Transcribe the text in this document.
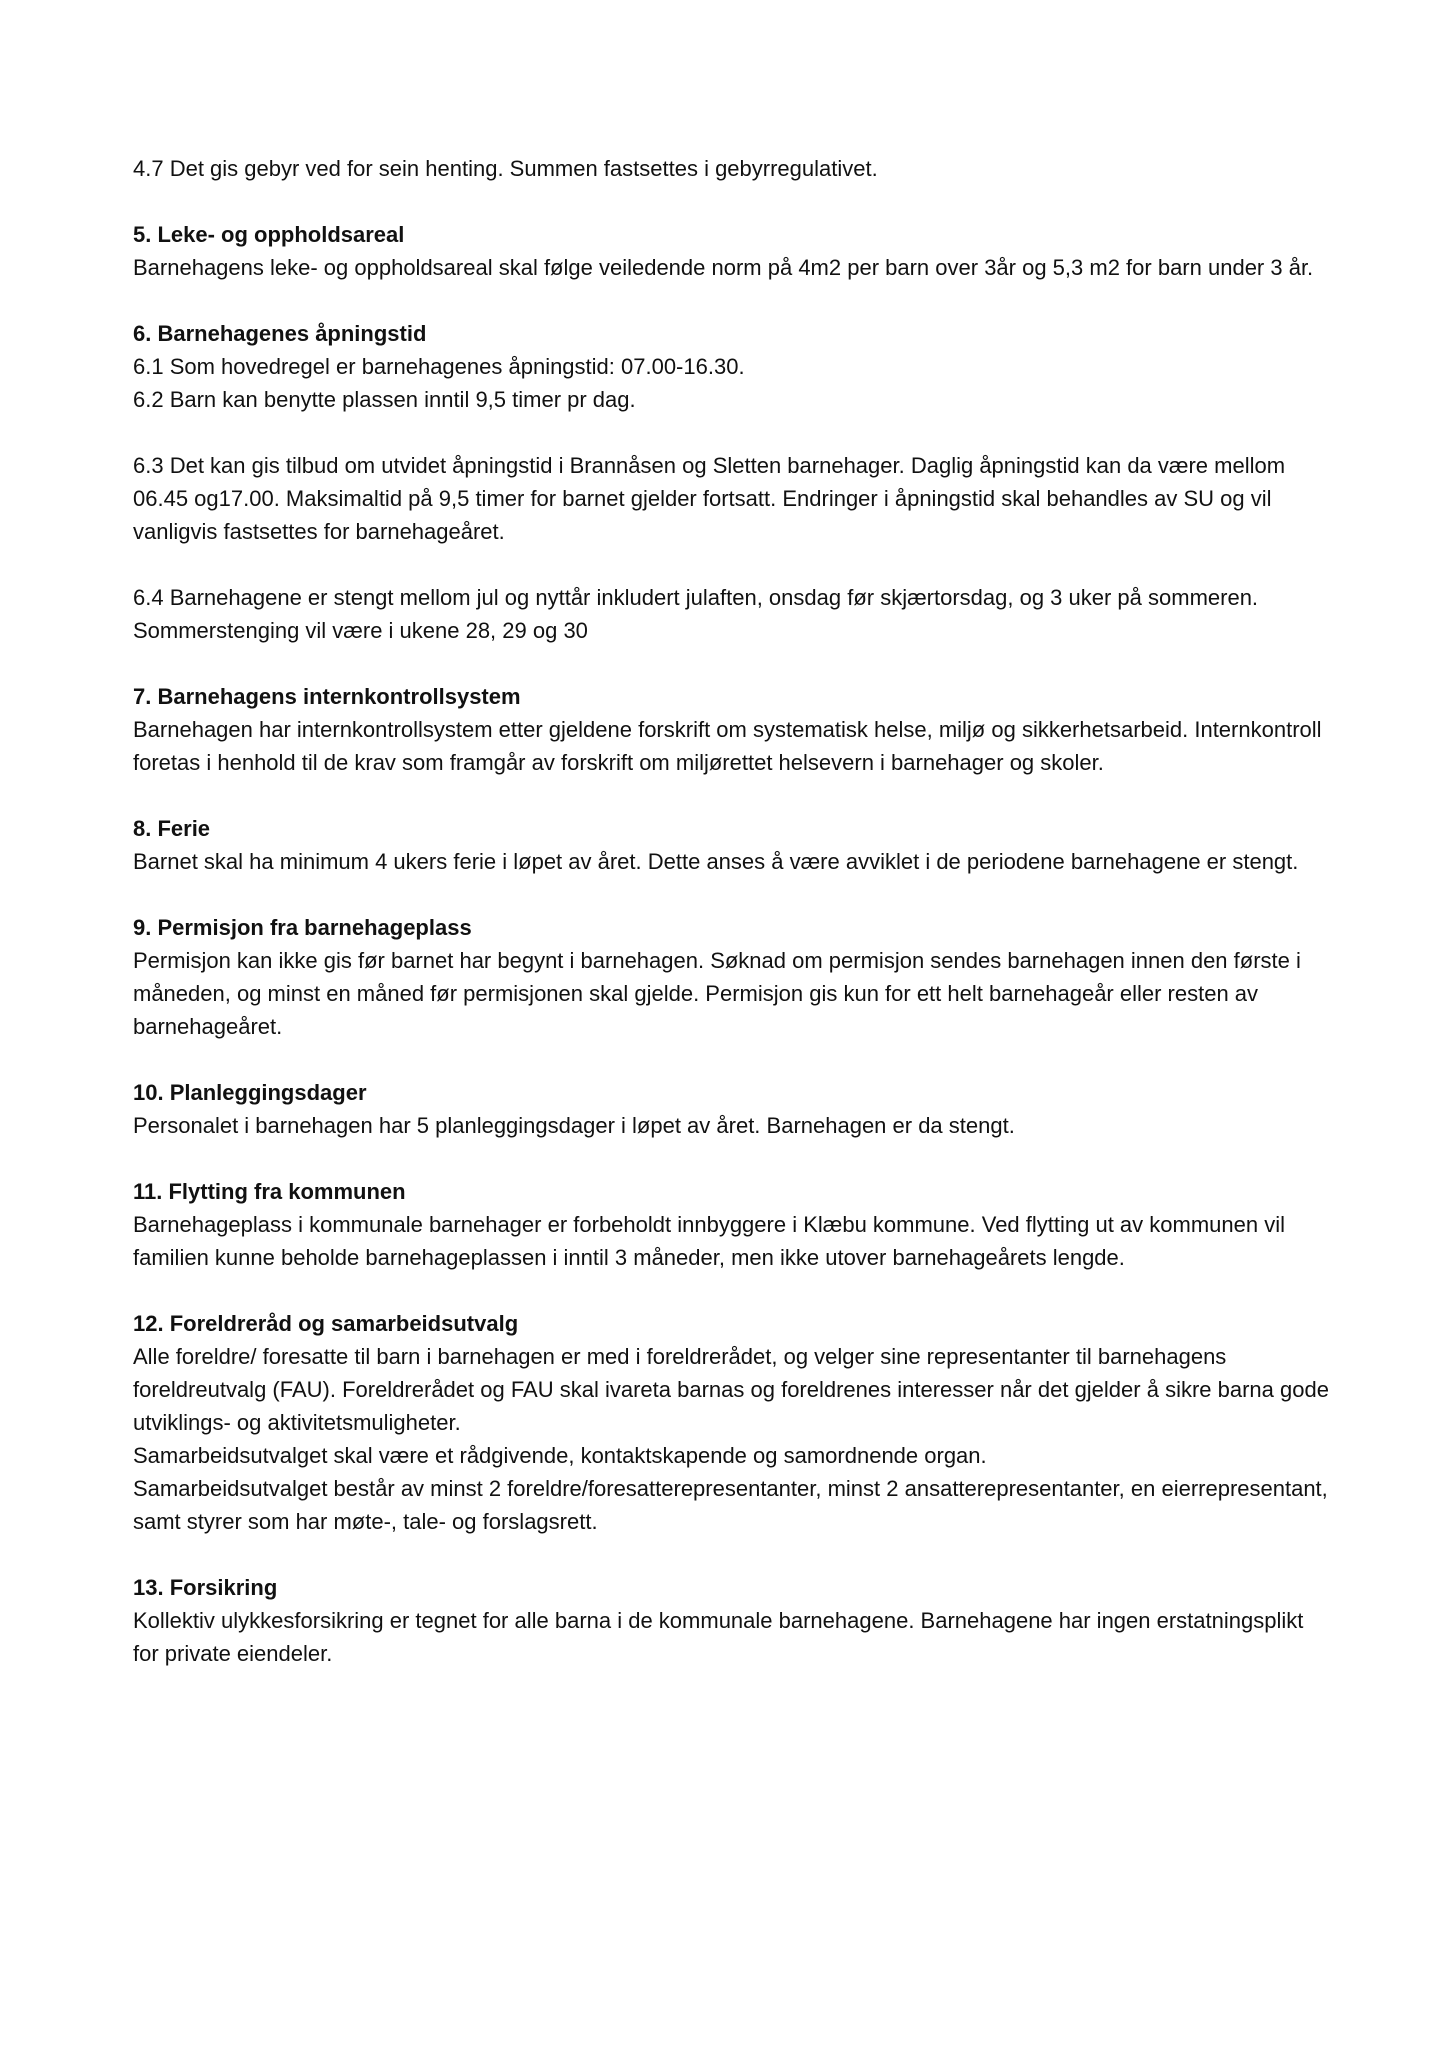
4.7 Det gis gebyr ved for sein henting. Summen fastsettes i gebyrregulativet.

5. Leke- og oppholdsareal

Barnehagens leke- og oppholdsareal skal følge veiledende norm på 4m2 per barn over 3år og 5,3 m2 for barn under 3 år.

6. Barnehagenes åpningstid

6.1 Som hovedregel er barnehagenes åpningstid: 07.00-16.30.

6.2 Barn kan benytte plassen inntil 9,5 timer pr dag.

6.3 Det kan gis tilbud om utvidet åpningstid i Brannåsen og Sletten barnehager. Daglig åpningstid kan da være mellom 06.45 og17.00. Maksimaltid på 9,5 timer for barnet gjelder fortsatt. Endringer i åpningstid skal behandles av SU og vil vanligvis fastsettes for barnehageåret.

6.4 Barnehagene er stengt mellom jul og nyttår inkludert julaften, onsdag før skjærtorsdag, og 3 uker på sommeren. Sommerstenging vil være i ukene 28, 29 og 30

7. Barnehagens internkontrollsystem

Barnehagen har internkontrollsystem etter gjeldene forskrift om systematisk helse, miljø og sikkerhetsarbeid. Internkontroll foretas i henhold til de krav som framgår av forskrift om miljørettet helsevern i barnehager og skoler.

8. Ferie

Barnet skal ha minimum 4 ukers ferie i løpet av året. Dette anses å være avviklet i de periodene barnehagene er stengt.

9. Permisjon fra barnehageplass

Permisjon kan ikke gis før barnet har begynt i barnehagen. Søknad om permisjon sendes barnehagen innen den første i måneden, og minst en måned før permisjonen skal gjelde. Permisjon gis kun for ett helt barnehageår eller resten av barnehageåret.

10. Planleggingsdager

Personalet i barnehagen har 5 planleggingsdager i løpet av året. Barnehagen er da stengt.

11. Flytting fra kommunen

Barnehageplass i kommunale barnehager er forbeholdt innbyggere i Klæbu kommune. Ved flytting ut av kommunen vil familien kunne beholde barnehageplassen i inntil 3 måneder, men ikke utover barnehageårets lengde.

12. Foreldreråd og samarbeidsutvalg

Alle foreldre/ foresatte til barn i barnehagen er med i foreldrerådet, og velger sine representanter til barnehagens foreldreutvalg (FAU). Foreldrerådet og FAU skal ivareta barnas og foreldrenes interesser når det gjelder å sikre barna gode utviklings- og aktivitetsmuligheter.

Samarbeidsutvalget skal være et rådgivende, kontaktskapende og samordnende organ.

Samarbeidsutvalget består av minst 2 foreldre/foresatterepresentanter, minst 2 ansatterepresentanter, en eierrepresentant, samt styrer som har møte-, tale- og forslagsrett.

13. Forsikring

Kollektiv ulykkesforsikring er tegnet for alle barna i de kommunale barnehagene. Barnehagene har ingen erstatningsplikt for private eiendeler.
